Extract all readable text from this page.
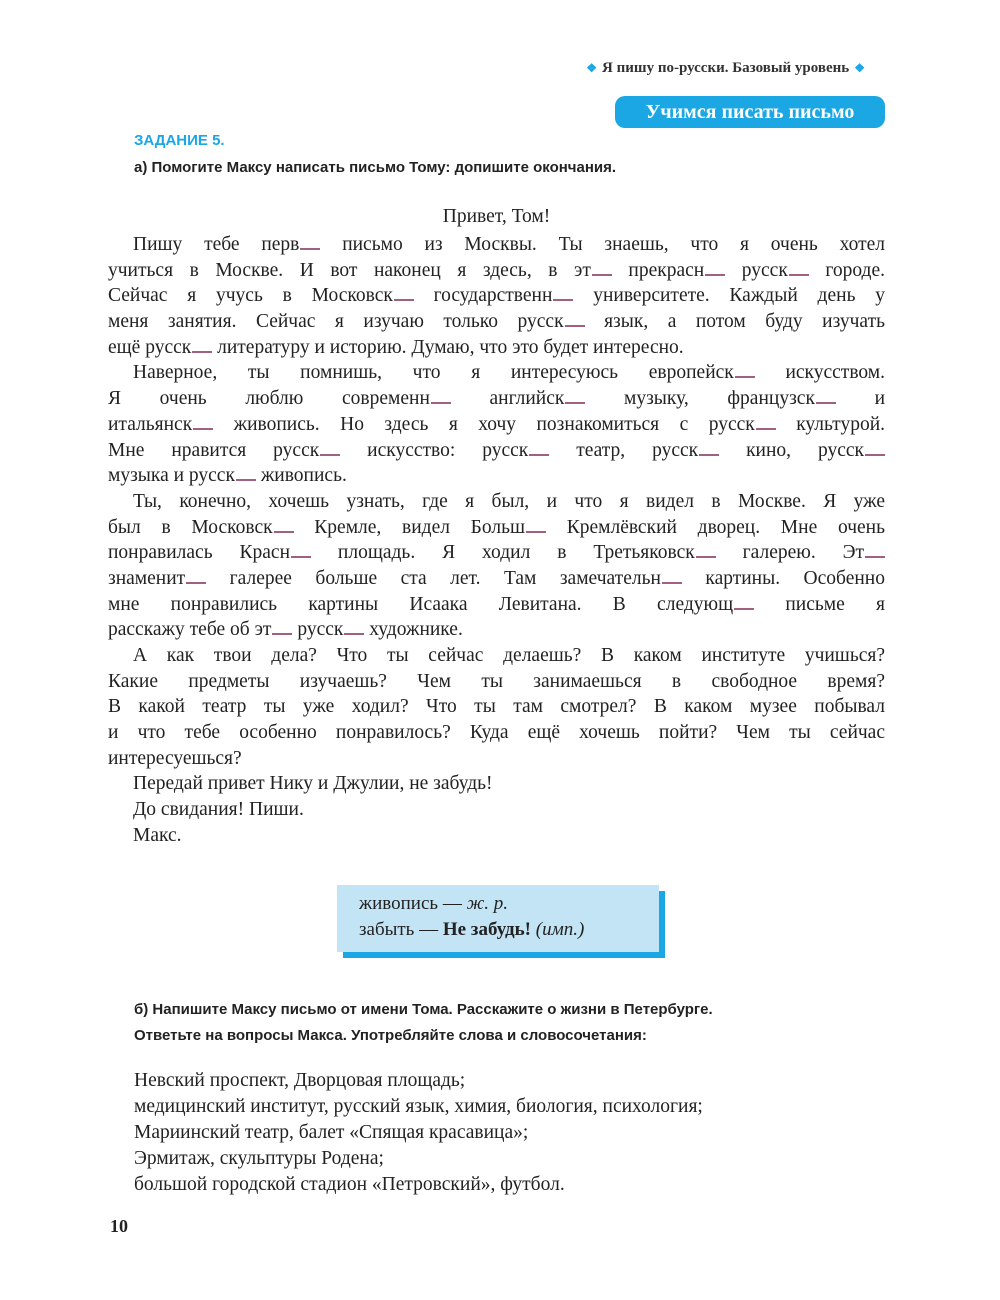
❖ Я пишу по-русски. Базовый уровень ❖
Учимся писать письмо
ЗАДАНИЕ 5.
а) Помогите Максу написать письмо Тому: допишите окончания.
Привет, Том!
Пишу тебе перв письмо из Москвы. Ты знаешь, что я очень хотел
учиться в Москве. И вот наконец я здесь, в эт прекрасн русск городе.
Сейчас я учусь в Московск государственн университете. Каждый день у
меня занятия. Сейчас я изучаю только русск язык, а потом буду изучать
ещё русск литературу и историю. Думаю, что это будет интересно.
Наверное, ты помнишь, что я интересуюсь европейск искусством.
Я очень люблю современн английск музыку, французск и
итальянск живопись. Но здесь я хочу познакомиться с русск культурой.
Мне нравится русск искусство: русск театр, русск кино, русск
музыка и русск живопись.
Ты, конечно, хочешь узнать, где я был, и что я видел в Москве. Я уже
был в Московск Кремле, видел Больш Кремлёвский дворец. Мне очень
понравилась Красн площадь. Я ходил в Третьяковск галерею. Эт
знаменит галерее больше ста лет. Там замечательн картины. Особенно
мне понравились картины Исаака Левитана. В следующ письме я
расскажу тебе об эт русск художнике.
А как твои дела? Что ты сейчас делаешь? В каком институте учишься?
Какие предметы изучаешь? Чем ты занимаешься в свободное время?
В какой театр ты уже ходил? Что ты там смотрел? В каком музее побывал
и что тебе особенно понравилось? Куда ещё хочешь пойти? Чем ты сейчас
интересуешься?
Передай привет Нику и Джулии, не забудь!
До свидания! Пиши.
Макс.
живопись — ж. р.
забыть — Не забудь! (имп.)
б) Напишите Максу письмо от имени Тома. Расскажите о жизни в Петербурге.
Ответьте на вопросы Макса. Употребляйте слова и словосочетания:
Невский проспект, Дворцовая площадь;
медицинский институт, русский язык, химия, биология, психология;
Мариинский театр, балет «Спящая красавица»;
Эрмитаж, скульптуры Родена;
большой городской стадион «Петровский», футбол.
10
